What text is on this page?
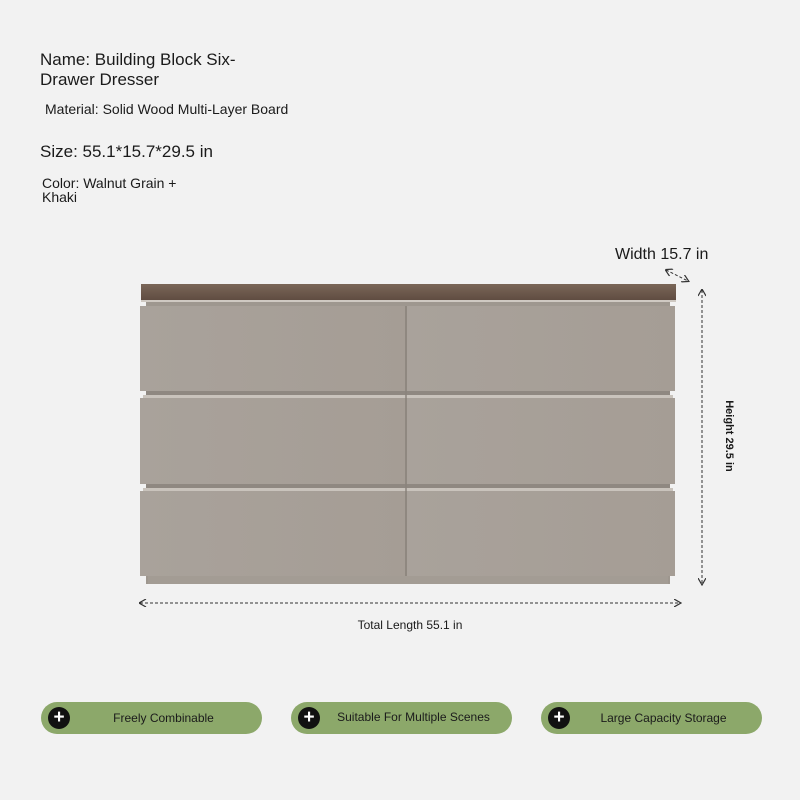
Name: Building Block Six-Drawer Dresser
Material: Solid Wood Multi-Layer Board
Size: 55.1*15.7*29.5 in
Color: Walnut Grain + Khaki
Width 15.7 in
Height 29.5 in
Total Length 55.1 in
+	Freely Combinable	+	Suitable For Multiple Scenes	+	Large Capacity Storage
